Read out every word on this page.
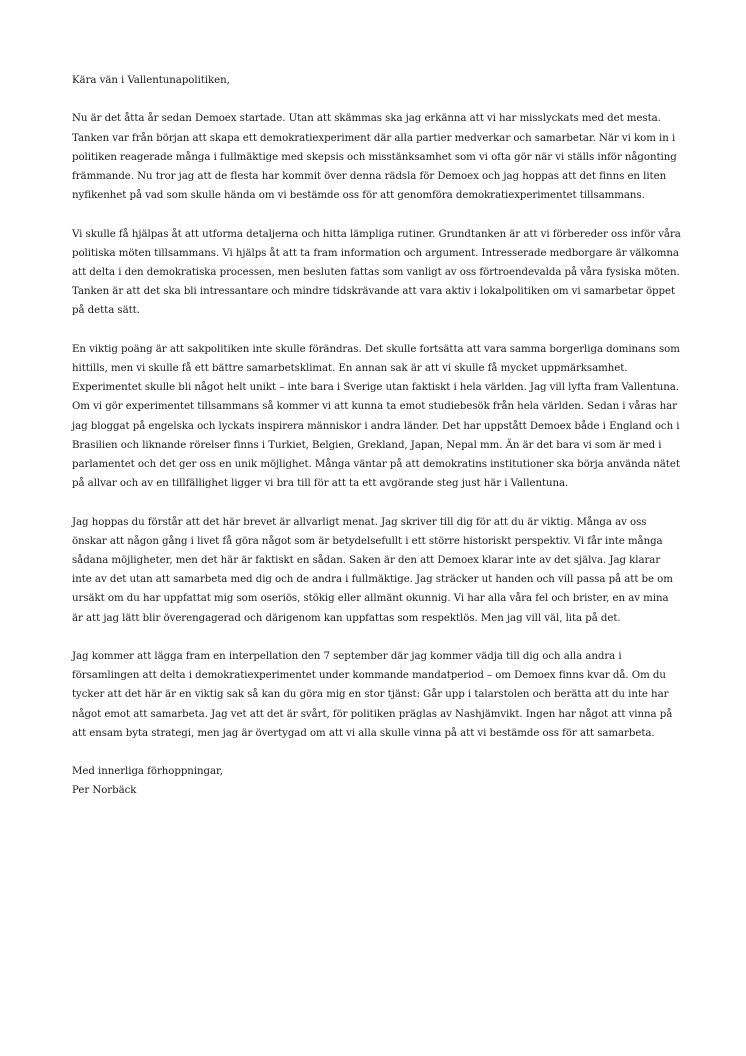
Kära vän i Vallentunapolitiken,

Nu är det åtta år sedan Demoex startade. Utan att skämmas ska jag erkänna att vi har misslyckats med det mesta. Tanken var från början att skapa ett demokratiexperiment där alla partier medverkar och samarbetar. När vi kom in i politiken reagerade många i fullmäktige med skepsis och misstänksamhet som vi ofta gör när vi ställs inför någonting främmande. Nu tror jag att de flesta har kommit över denna rädsla för Demoex och jag hoppas att det finns en liten nyfikenhet på vad som skulle hända om vi bestämde oss för att genomföra demokratiexperimentet tillsammans.

Vi skulle få hjälpas åt att utforma detaljerna och hitta lämpliga rutiner. Grundtanken är att vi förbereder oss inför våra politiska möten tillsammans. Vi hjälps åt att ta fram information och argument. Intresserade medborgare är välkomna att delta i den demokratiska processen, men besluten fattas som vanligt av oss förtroendevalda på våra fysiska möten. Tanken är att det ska bli intressantare och mindre tidskrävande att vara aktiv i lokalpolitiken om vi samarbetar öppet på detta sätt.

En viktig poäng är att sakpolitiken inte skulle förändras. Det skulle fortsätta att vara samma borgerliga dominans som hittills, men vi skulle få ett bättre samarbetsklimat. En annan sak är att vi skulle få mycket uppmärksamhet. Experimentet skulle bli något helt unikt – inte bara i Sverige utan faktiskt i hela världen. Jag vill lyfta fram Vallentuna. Om vi gör experimentet tillsammans så kommer vi att kunna ta emot studiebesök från hela världen. Sedan i våras har jag bloggat på engelska och lyckats inspirera människor i andra länder. Det har uppstått Demoex både i England och i Brasilien och liknande rörelser finns i Turkiet, Belgien, Grekland, Japan, Nepal mm. Än är det bara vi som är med i parlamentet och det ger oss en unik möjlighet. Många väntar på att demokratins institutioner ska börja använda nätet på allvar och av en tillfällighet ligger vi bra till för att ta ett avgörande steg just här i Vallentuna.

Jag hoppas du förstår att det här brevet är allvarligt menat. Jag skriver till dig för att du är viktig. Många av oss önskar att någon gång i livet få göra något som är betydelsefullt i ett större historiskt perspektiv. Vi får inte många sådana möjligheter, men det här är faktiskt en sådan. Saken är den att Demoex klarar inte av det själva. Jag klarar inte av det utan att samarbeta med dig och de andra i fullmäktige. Jag sträcker ut handen och vill passa på att be om ursäkt om du har uppfattat mig som oseriös, stökig eller allmänt okunnig. Vi har alla våra fel och brister, en av mina är att jag lätt blir överengagerad och därigenom kan uppfattas som respektlös. Men jag vill väl, lita på det.

Jag kommer att lägga fram en interpellation den 7 september där jag kommer vädja till dig och alla andra i församlingen att delta i demokratiexperimentet under kommande mandatperiod – om Demoex finns kvar då. Om du tycker att det här är en viktig sak så kan du göra mig en stor tjänst: Går upp i talarstolen och berätta att du inte har något emot att samarbeta. Jag vet att det är svårt, för politiken präglas av Nashjämvikt. Ingen har något att vinna på att ensam byta strategi, men jag är övertygad om att vi alla skulle vinna på att vi bestämde oss för att samarbeta.

Med innerliga förhoppningar,

Per Norbäck
